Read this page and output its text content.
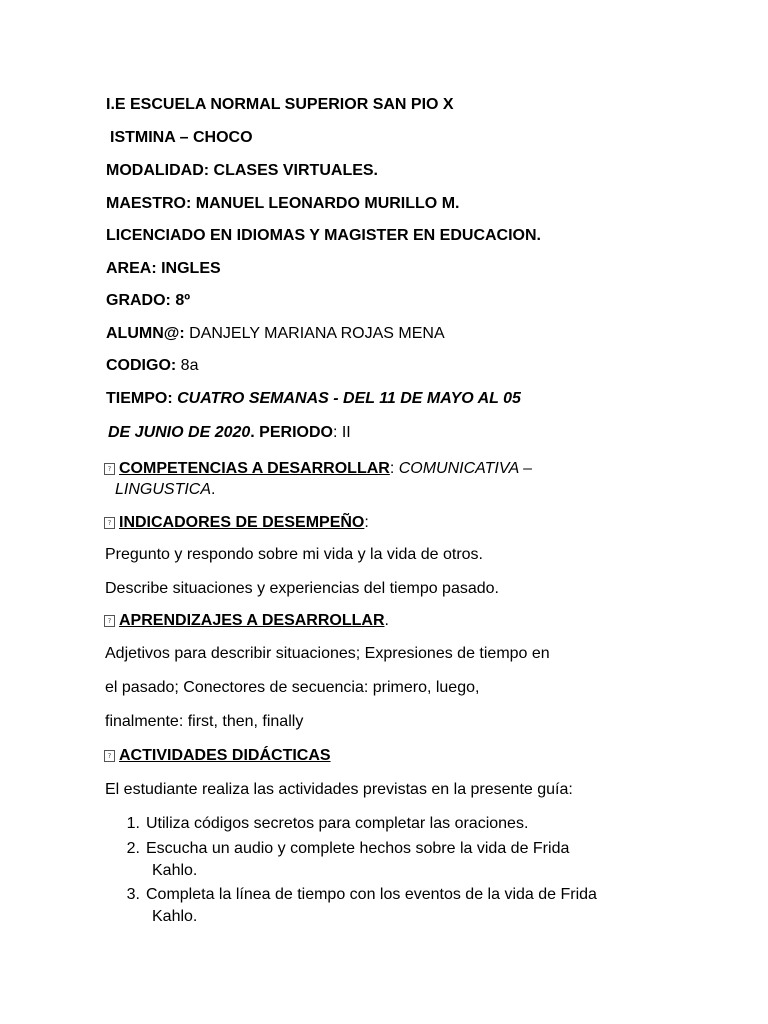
I.E ESCUELA NORMAL SUPERIOR SAN PIO X
ISTMINA – CHOCO
MODALIDAD: CLASES VIRTUALES.
MAESTRO: MANUEL LEONARDO MURILLO M.
LICENCIADO EN IDIOMAS Y MAGISTER EN EDUCACION.
AREA: INGLES
GRADO: 8º
ALUMN@: DANJELY MARIANA ROJAS MENA
CODIGO: 8a
TIEMPO: CUATRO SEMANAS - DEL 11 DE MAYO AL 05
DE JUNIO DE 2020. PERIODO: II
? COMPETENCIAS A DESARROLLAR: COMUNICATIVA –
LINGUSTICA.
? INDICADORES DE DESEMPEÑO:
Pregunto y respondo sobre mi vida y la vida de otros.
Describe situaciones y experiencias del tiempo pasado.
? APRENDIZAJES A DESARROLLAR.
Adjetivos para describir situaciones; Expresiones de tiempo en
el pasado; Conectores de secuencia: primero, luego,
finalmente: first, then, finally
? ACTIVIDADES DIDÁCTICAS
El estudiante realiza las actividades previstas en la presente guía:
1. Utiliza códigos secretos para completar las oraciones.
2. Escucha un audio y complete hechos sobre la vida de Frida
Kahlo.
3. Completa la línea de tiempo con los eventos de la vida de Frida
Kahlo.
